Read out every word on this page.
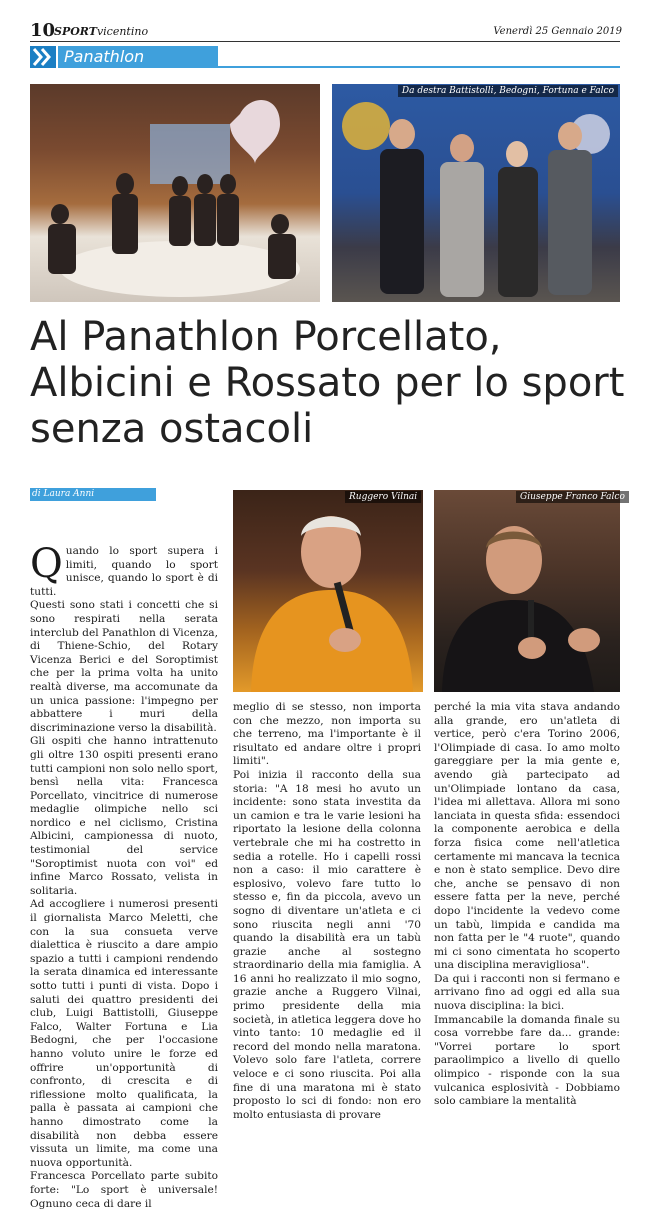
10
SPORTvicentino	Venerdì 25 Gennaio 2019
Panathlon
Da destra Battistolli, Bedogni, Fortuna e Falco
Al Panathlon Porcellato, Albicini e Rossato per lo sport senza ostacoli
di Laura Anni	Ruggero Vilnai	Giuseppe Franco Falco

Quando lo sport supera i limiti, quando lo sport unisce, quando lo sport è di tutti.

Questi sono stati i concetti che si sono respirati nella serata interclub del Panathlon di Vicenza, di Thiene-Schio, del Rotary Vicenza Berici e del Soroptimist che per la prima volta ha unito realtà diverse, ma accomunate da un unica passione: l'impegno per abbattere i muri della discriminazione verso la disabilità.

Gli ospiti che hanno intrattenuto gli oltre 130 ospiti presenti erano tutti campioni non solo nello sport, bensì nella vita: Francesca Porcellato, vincitrice di numerose medaglie olimpiche nello sci nordico e nel ciclismo, Cristina Albicini, campionessa di nuoto, testimonial del service "Soroptimist nuota con voi" ed infine Marco Rossato, velista in solitaria.

Ad accogliere i numerosi presenti il giornalista Marco Meletti, che con la sua consueta verve dialettica è riuscito a dare ampio spazio a tutti i campioni rendendo la serata dinamica ed interessante sotto tutti i punti di vista. Dopo i saluti dei quattro presidenti dei club, Luigi Battistolli, Giuseppe Falco, Walter Fortuna e Lia Bedogni, che per l'occasione hanno voluto unire le forze ed offrire un'opportunità di confronto, di crescita e di riflessione molto qualificata, la palla è passata ai campioni che hanno dimostrato come la disabilità non debba essere vissuta un limite, ma come una nuova opportunità.

Francesca Porcellato parte subito forte: "Lo sport è universale! Ognuno ceca di dare il

meglio di se stesso, non importa con che mezzo, non importa su che terreno, ma l'importante è il risultato ed andare oltre i propri limiti".

Poi inizia il racconto della sua storia: "A 18 mesi ho avuto un incidente: sono stata investita da un camion e tra le varie lesioni ha riportato la lesione della colonna vertebrale che mi ha costretto in sedia a rotelle. Ho i capelli rossi non a caso: il mio carattere è esplosivo, volevo fare tutto lo stesso e, fin da piccola, avevo un sogno di diventare un'atleta e ci sono riuscita negli anni '70 quando la disabilità era un tabù grazie anche al sostegno straordinario della mia famiglia. A 16 anni ho realizzato il mio sogno, grazie anche a Ruggero Vilnai, primo presidente della mia società, in atletica leggera dove ho vinto tanto: 10 medaglie ed il record del mondo nella maratona. Volevo solo fare l'atleta, correre veloce e ci sono riuscita. Poi alla fine di una maratona mi è stato proposto lo sci di fondo: non ero molto entusiasta di provare

perché la mia vita stava andando alla grande, ero un'atleta di vertice, però c'era Torino 2006, l'Olimpiade di casa. Io amo molto gareggiare per la mia gente e, avendo già partecipato ad un'Olimpiade lontano da casa, l'idea mi allettava. Allora mi sono lanciata in questa sfida: essendoci la componente aerobica e della forza fisica come nell'atletica certamente mi mancava la tecnica e non è stato semplice. Devo dire che, anche se pensavo di non essere fatta per la neve, perché dopo l'incidente la vedevo come un tabù, limpida e candida ma non fatta per le "4 ruote", quando mi ci sono cimentata ho scoperto una disciplina meravigliosa".

Da qui i racconti non si fermano e arrivano fino ad oggi ed alla sua nuova disciplina: la bici.

Immancabile la domanda finale su cosa vorrebbe fare da... grande: "Vorrei portare lo sport paraolimpico a livello di quello olimpico - risponde con la sua vulcanica esplosività - Dobbiamo solo cambiare la mentalità
